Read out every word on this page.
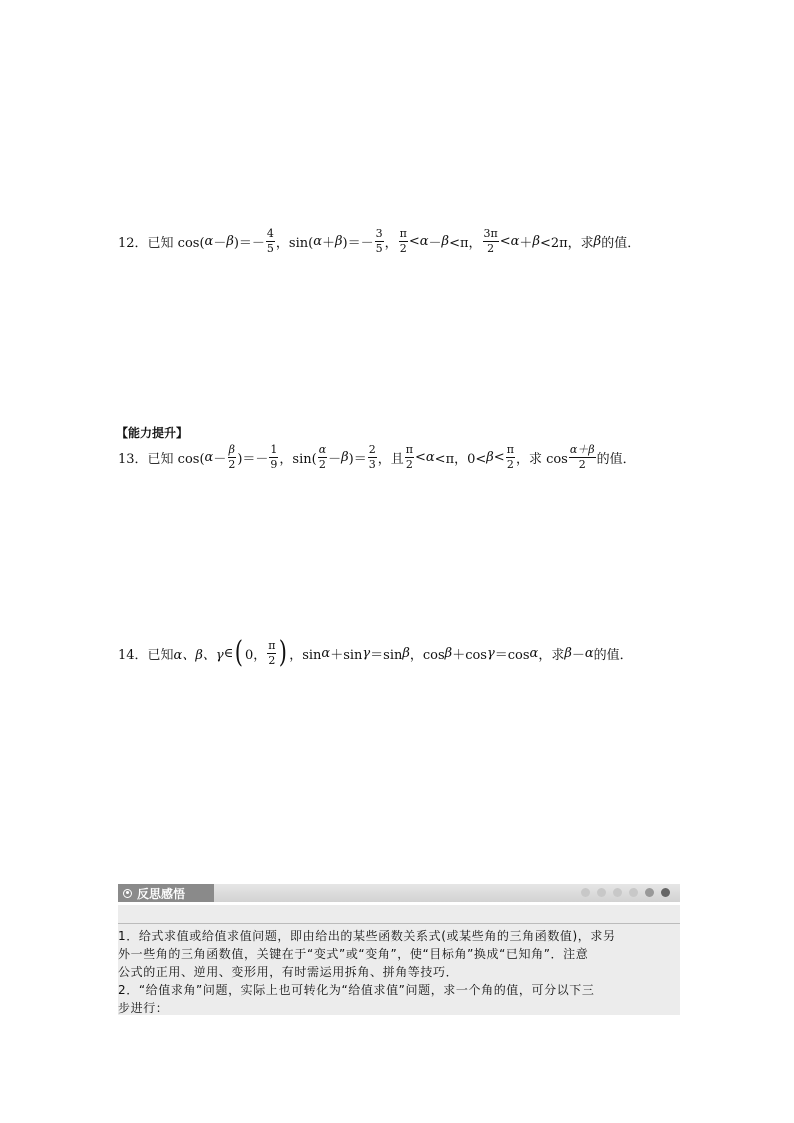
12．已知 cos( α － β )＝－ $\frac{4}{5}$ ，sin( α ＋ β )＝－ $\frac{3}{5}$ ， $\frac{\pi}{2} < \alpha - \beta <\pi$， $\frac{3\pi}{2} < \alpha + \beta <2\pi$，求 β 的值．
【能力提升】
13．已知 cos( $\alpha - \frac{\beta}{2}$ )＝－ $\frac{1}{9}$ ，$\sin( \frac{\alpha}{2} - \beta$ )＝ $\frac{2}{3}$ ，且 $\frac{\pi}{2} < \alpha <\pi$，$0< \beta < \frac{\pi}{2}$ ，求 $\cos \frac{\alpha+\beta}{2}$ 的值．
14．已知 α、β、γ ∈ ( 0， $\frac{\pi}{2}$ ) ，sin α ＋sin γ ＝sin β ，cos β ＋cos γ ＝cos α ，求 β － α 的值．
反思感悟

1．给式求值或给值求值问题，即由给出的某些函数关系式(或某些角的三角函数值)，求另

外一些角的三角函数值，关键在于“变式”或“变角”，使“目标角”换成“已知角”．注意

公式的正用、逆用、变形用，有时需运用拆角、拼角等技巧．

2．“给值求角”问题，实际上也可转化为“给值求值”问题，求一个角的值，可分以下三

步进行：
